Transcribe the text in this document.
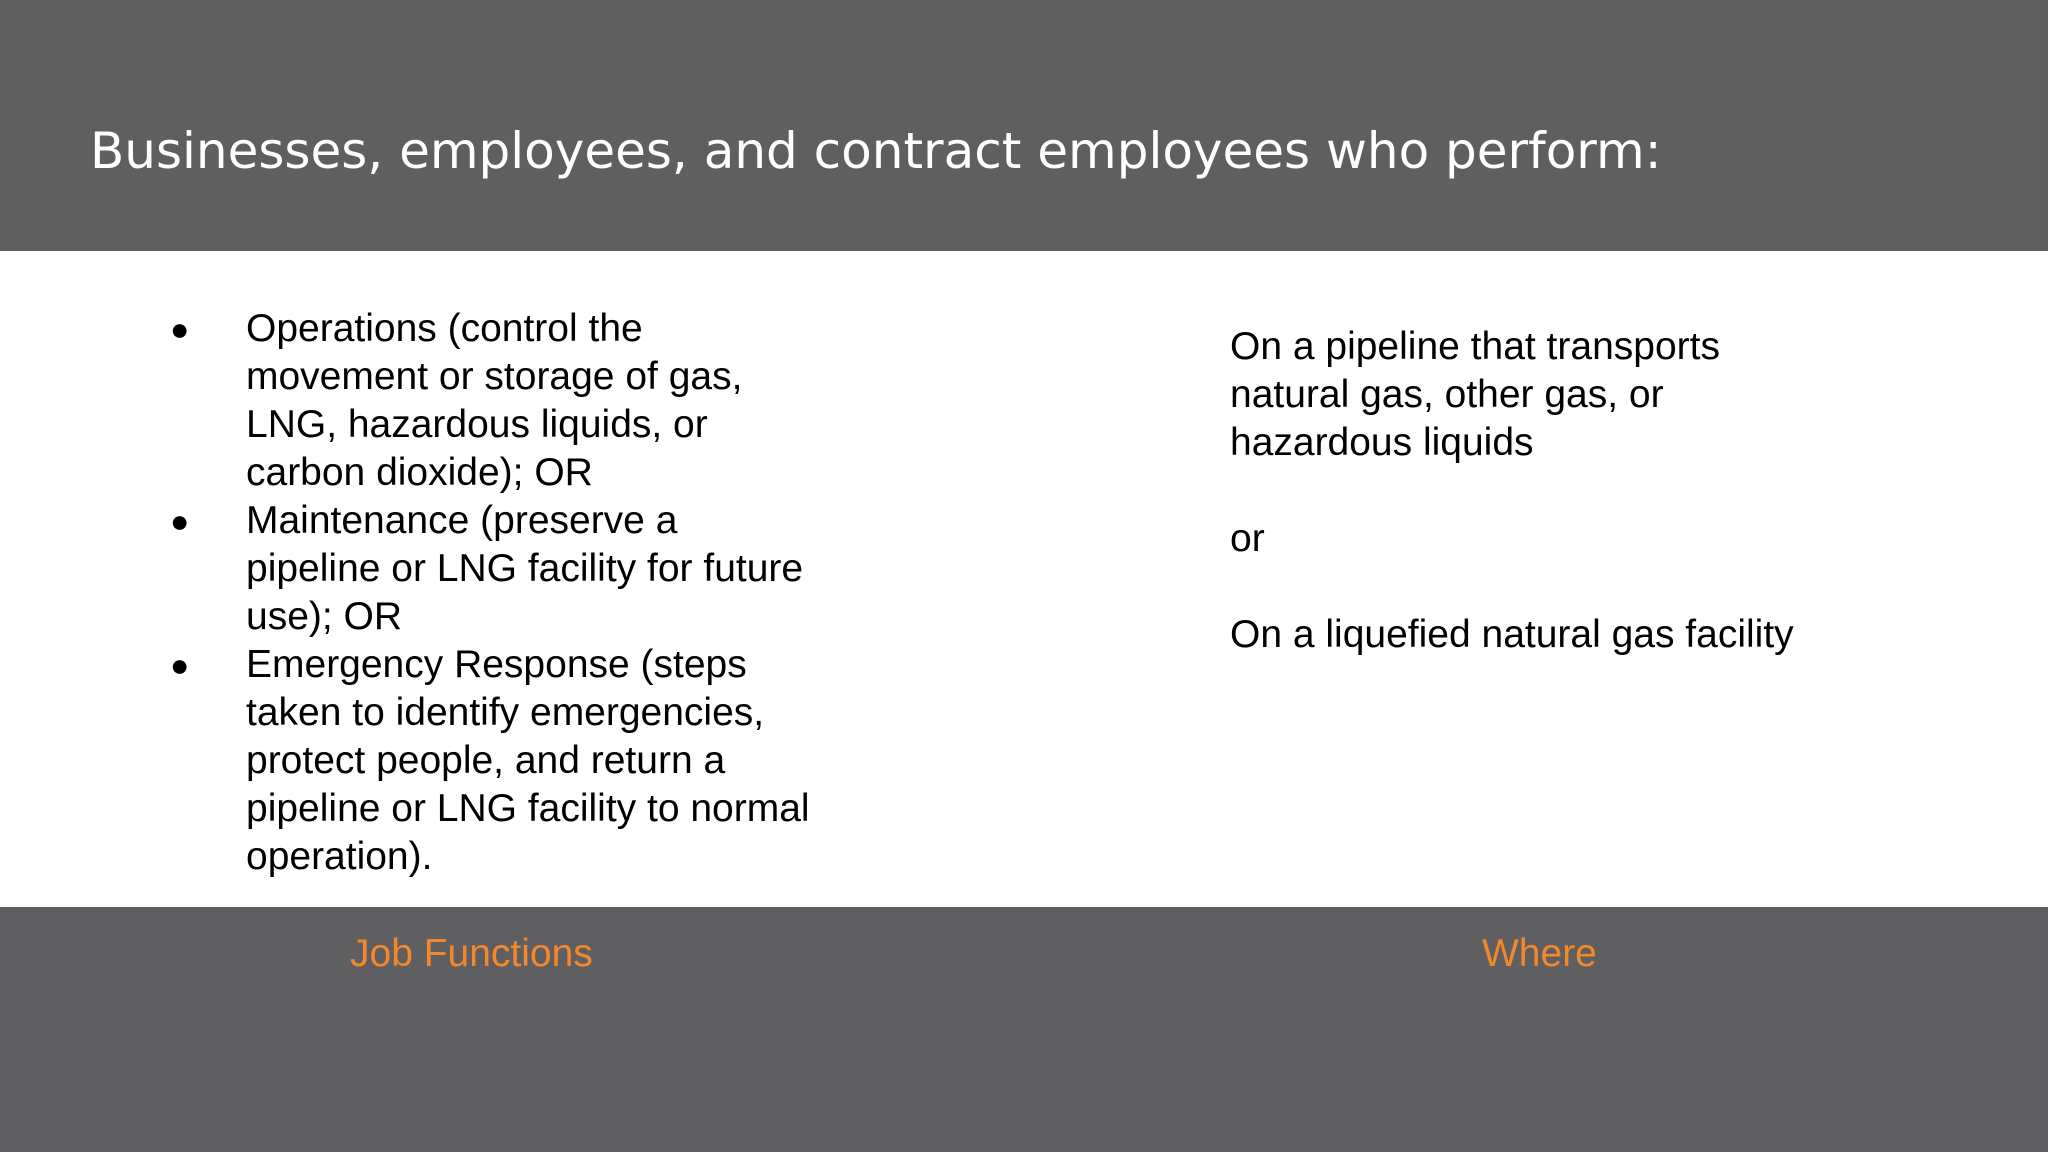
Businesses, employees, and contract employees who perform:
●	Operations (control the movement or storage of gas, LNG, hazardous liquids, or carbon dioxide); OR
●	Maintenance (preserve a pipeline or LNG facility for future use); OR
●	Emergency Response (steps taken to identify emergencies, protect people, and return a pipeline or LNG facility to normal operation).

On a pipeline that transports natural gas, other gas, or hazardous liquids

or

On a liquefied natural gas facility

Job Functions	Where
